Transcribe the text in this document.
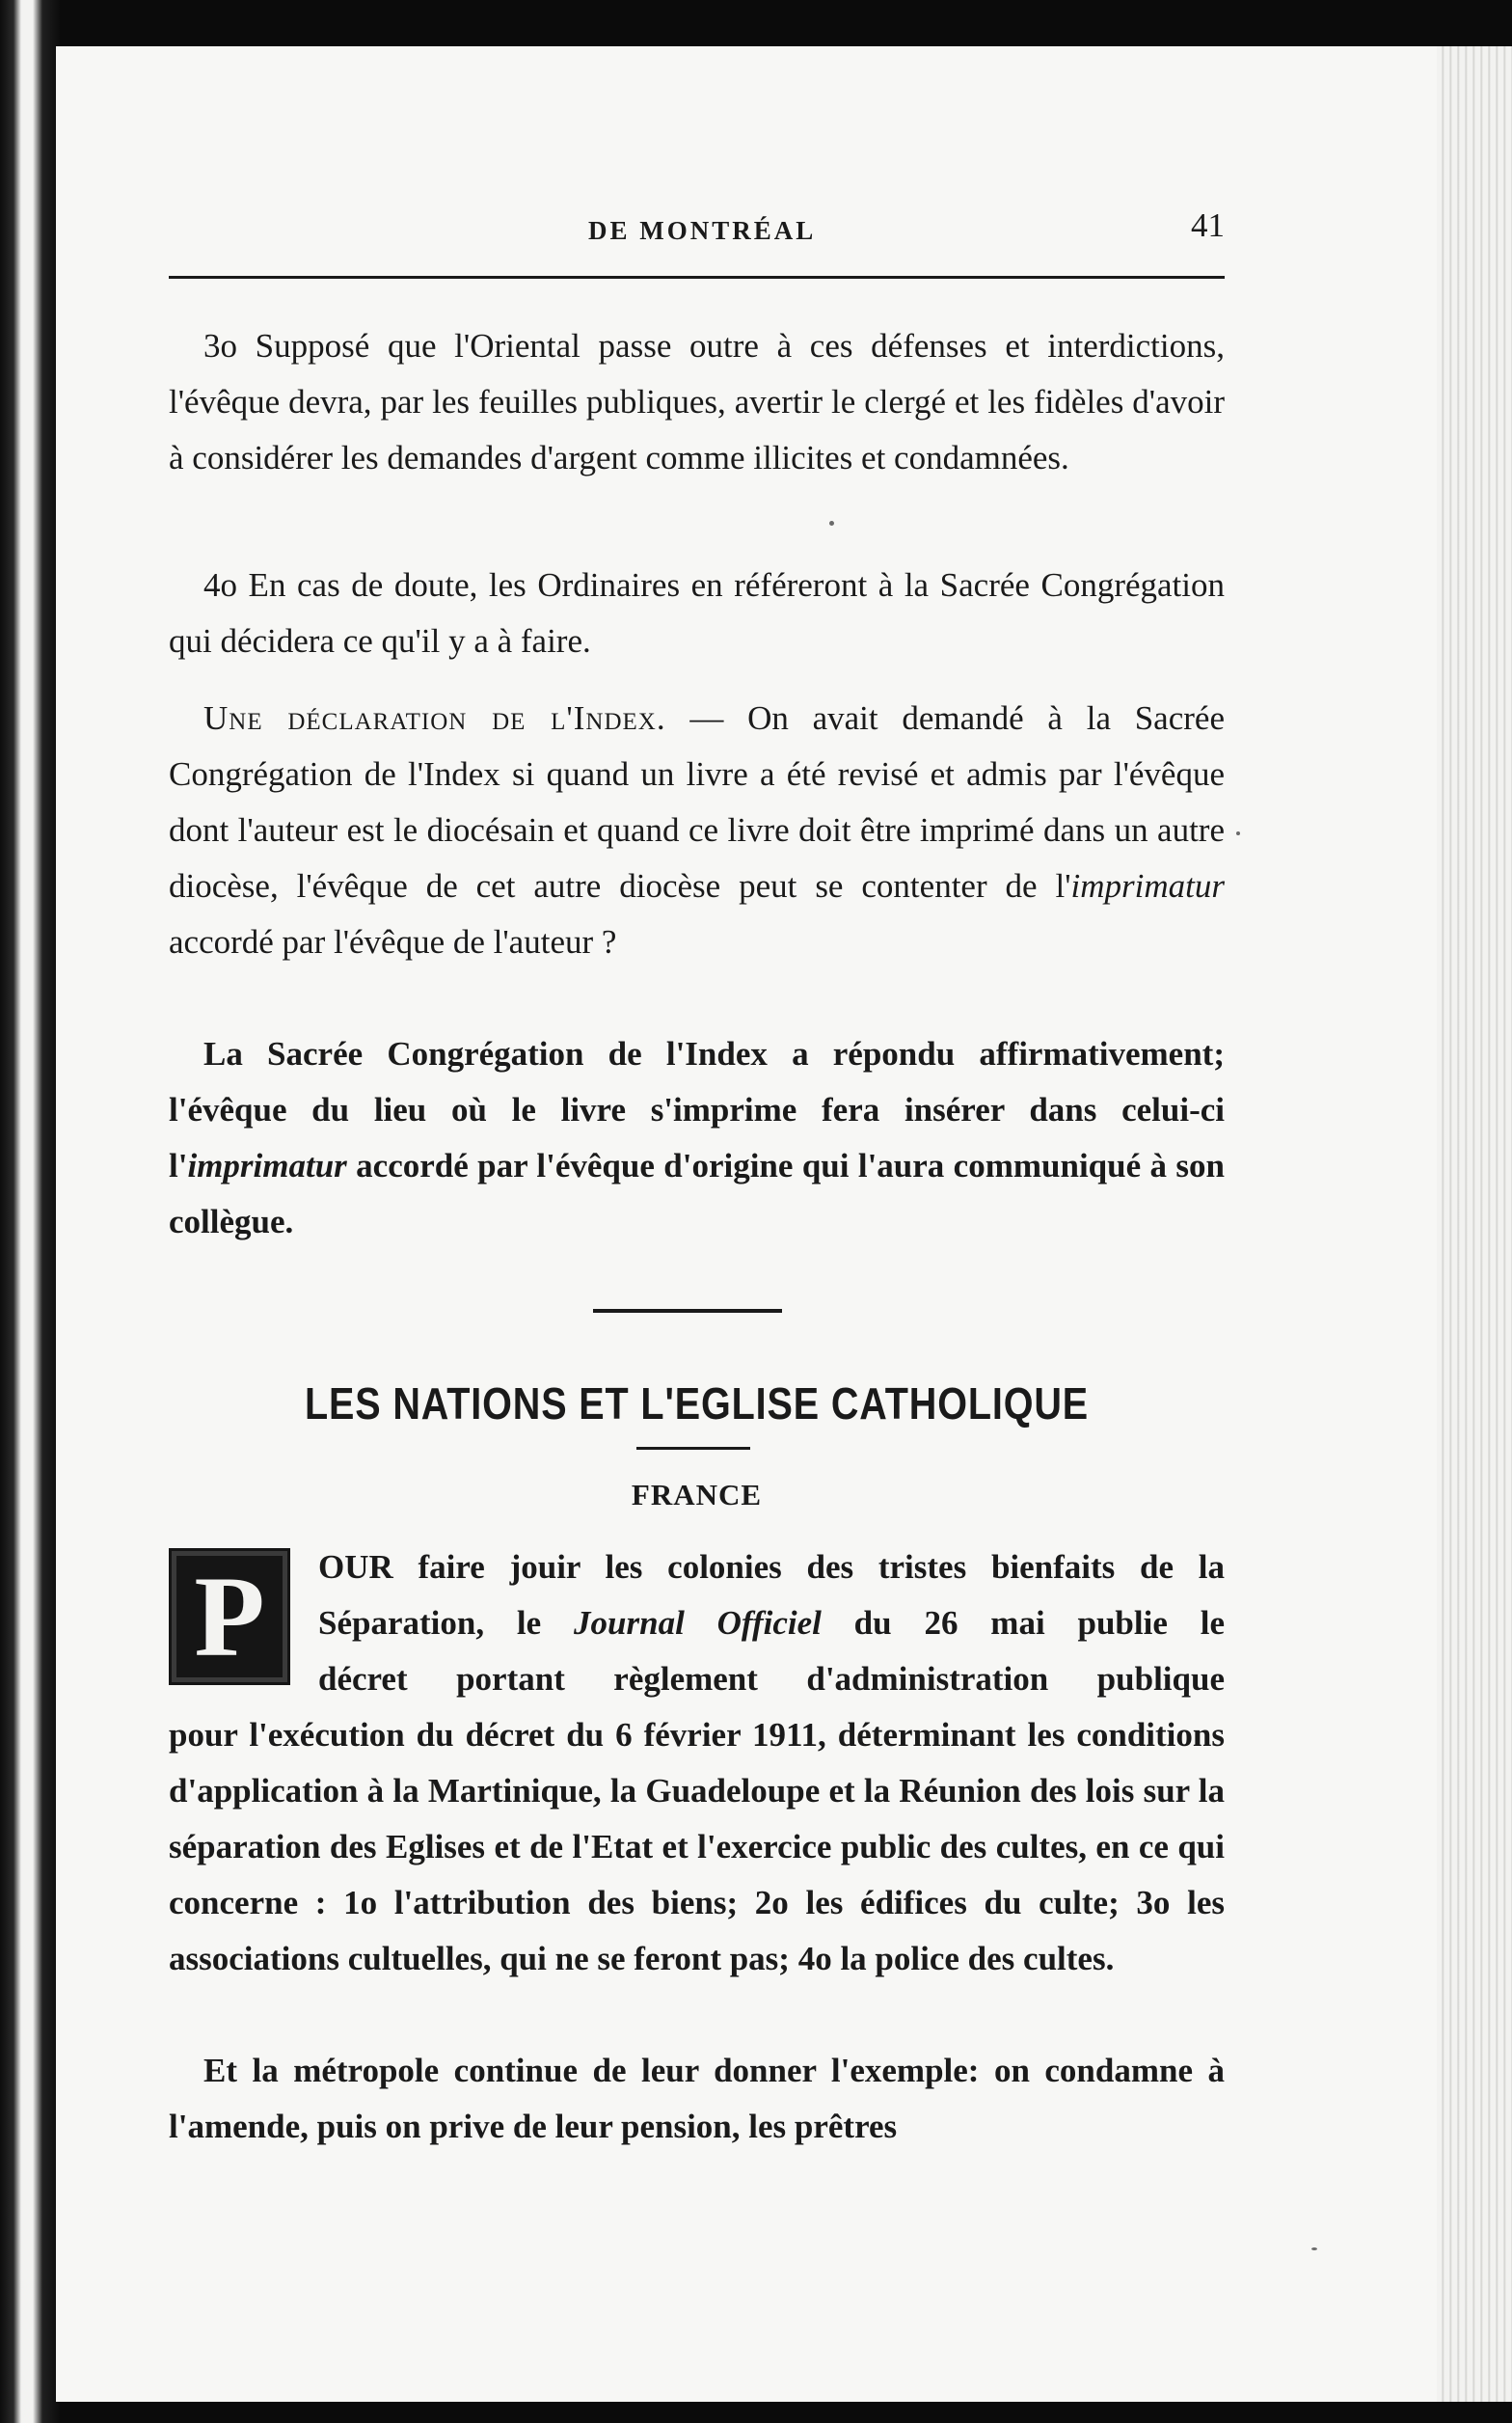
DE MONTRÉAL	41

3o Supposé que l'Oriental passe outre à ces défenses et interdictions, l'évêque devra, par les feuilles publiques, avertir le clergé et les fidèles d'avoir à considérer les demandes d'argent comme illicites et condamnées.

4o En cas de doute, les Ordinaires en référeront à la Sacrée Congrégation qui décidera ce qu'il y a à faire.

Une déclaration de l'Index. — On avait demandé à la Sacrée Congrégation de l'Index si quand un livre a été revisé et admis par l'évêque dont l'auteur est le diocésain et quand ce livre doit être imprimé dans un autre diocèse, l'évêque de cet autre diocèse peut se contenter de l'imprimatur accordé par l'évêque de l'auteur ?

La Sacrée Congrégation de l'Index a répondu affirmativement; l'évêque du lieu où le livre s'imprime fera insérer dans celui-ci l'imprimatur accordé par l'évêque d'origine qui l'aura communiqué à son collègue.

LES NATIONS ET L'EGLISE CATHOLIQUE
FRANCE
P	OUR faire jouir les colonies des tristes bienfaits de la

Séparation, le Journal Officiel du 26 mai publie le

décret portant règlement d'administration publique

pour l'exécution du décret du 6 février 1911, déterminant les conditions d'application à la Martinique, la Guadeloupe et la Réunion des lois sur la séparation des Eglises et de l'Etat et l'exercice public des cultes, en ce qui concerne : 1o l'attribution des biens; 2o les édifices du culte; 3o les associations cultuelles, qui ne se feront pas; 4o la police des cultes.

Et la métropole continue de leur donner l'exemple: on condamne à l'amende, puis on prive de leur pension, les prêtres
